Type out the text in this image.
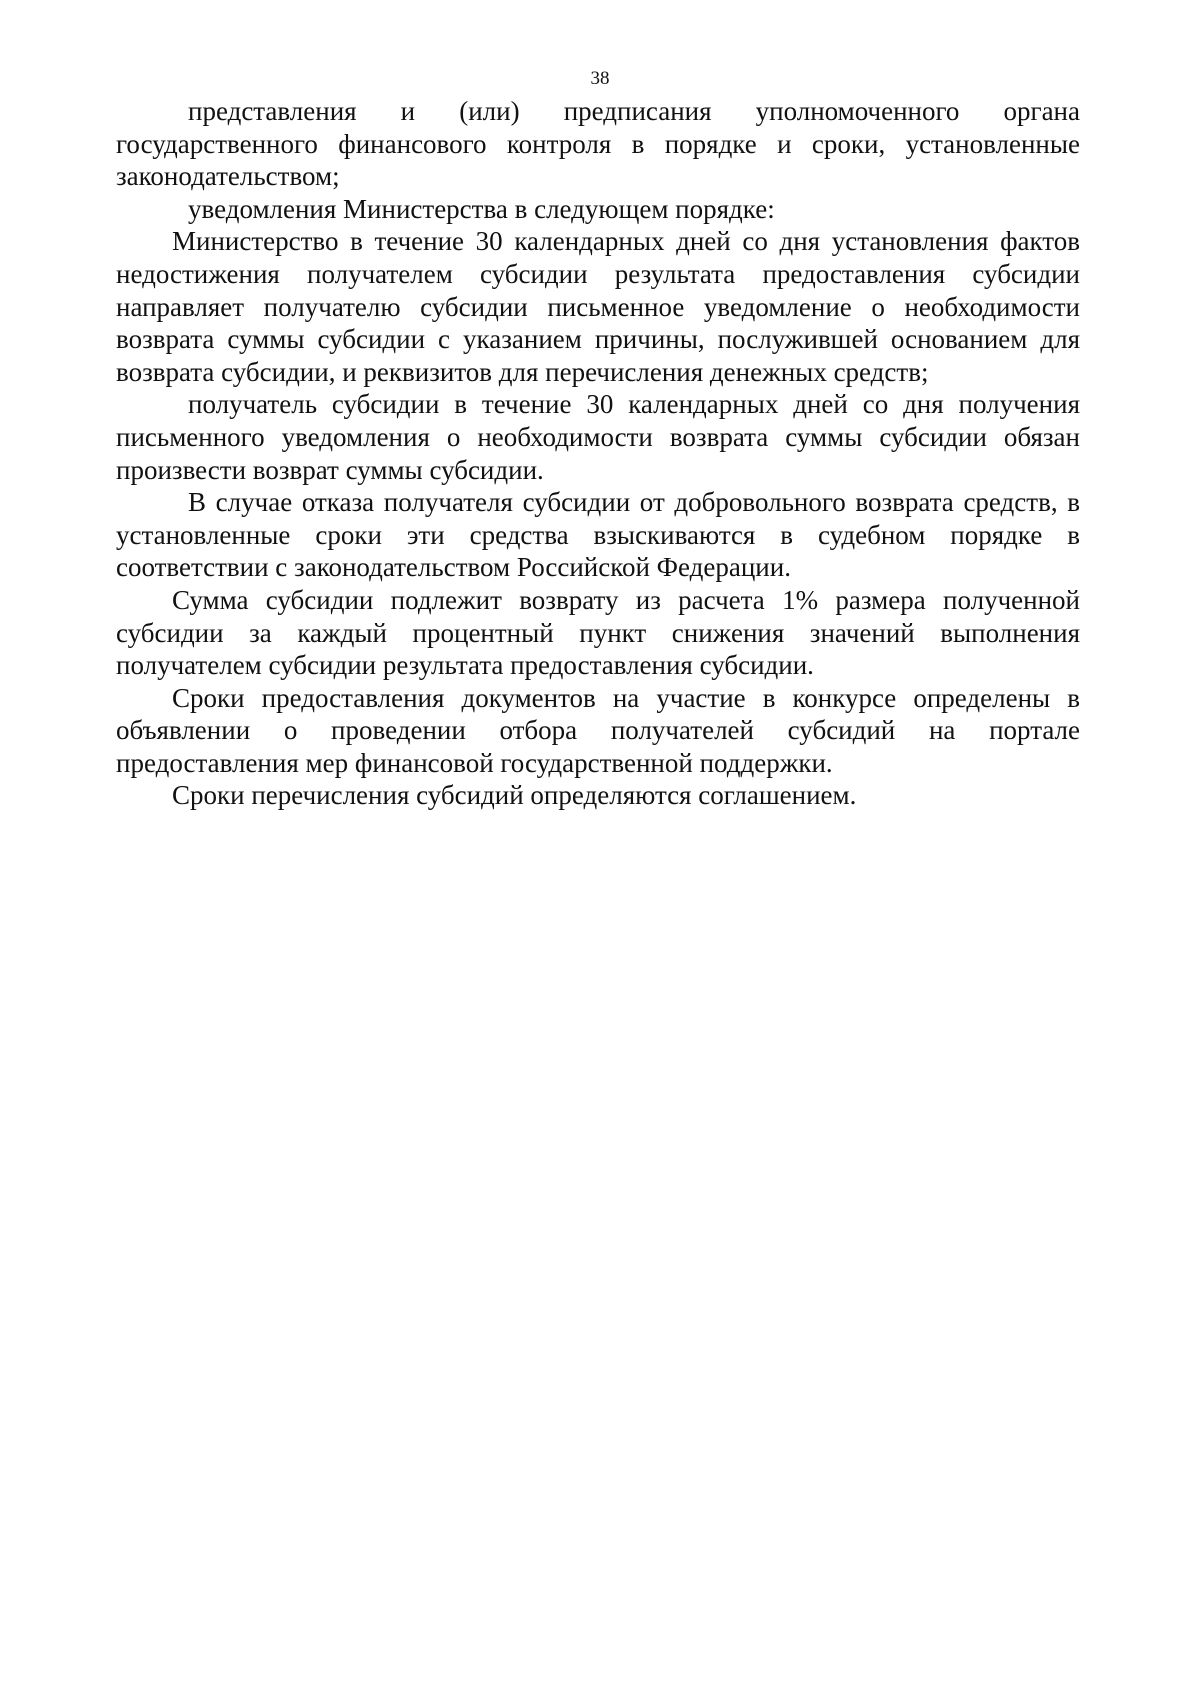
38

представления и (или) предписания уполномоченного органа государственного финансового контроля в порядке и сроки, установленные законодательством;

уведомления Министерства в следующем порядке:

Министерство в течение 30 календарных дней со дня установления фактов недостижения получателем субсидии результата предоставления субсидии направляет получателю субсидии письменное уведомление о необходимости возврата суммы субсидии с указанием причины, послужившей основанием для возврата субсидии, и реквизитов для перечисления денежных средств;

получатель субсидии в течение 30 календарных дней со дня получения письменного уведомления о необходимости возврата суммы субсидии обязан произвести возврат суммы субсидии.

В случае отказа получателя субсидии от добровольного возврата средств, в установленные сроки эти средства взыскиваются в судебном порядке в соответствии с законодательством Российской Федерации.

Сумма субсидии подлежит возврату из расчета 1% размера полученной субсидии за каждый процентный пункт снижения значений выполнения получателем субсидии результата предоставления субсидии.

Сроки предоставления документов на участие в конкурсе определены в объявлении о проведении отбора получателей субсидий на портале предоставления мер финансовой государственной поддержки.

Сроки перечисления субсидий определяются соглашением.
